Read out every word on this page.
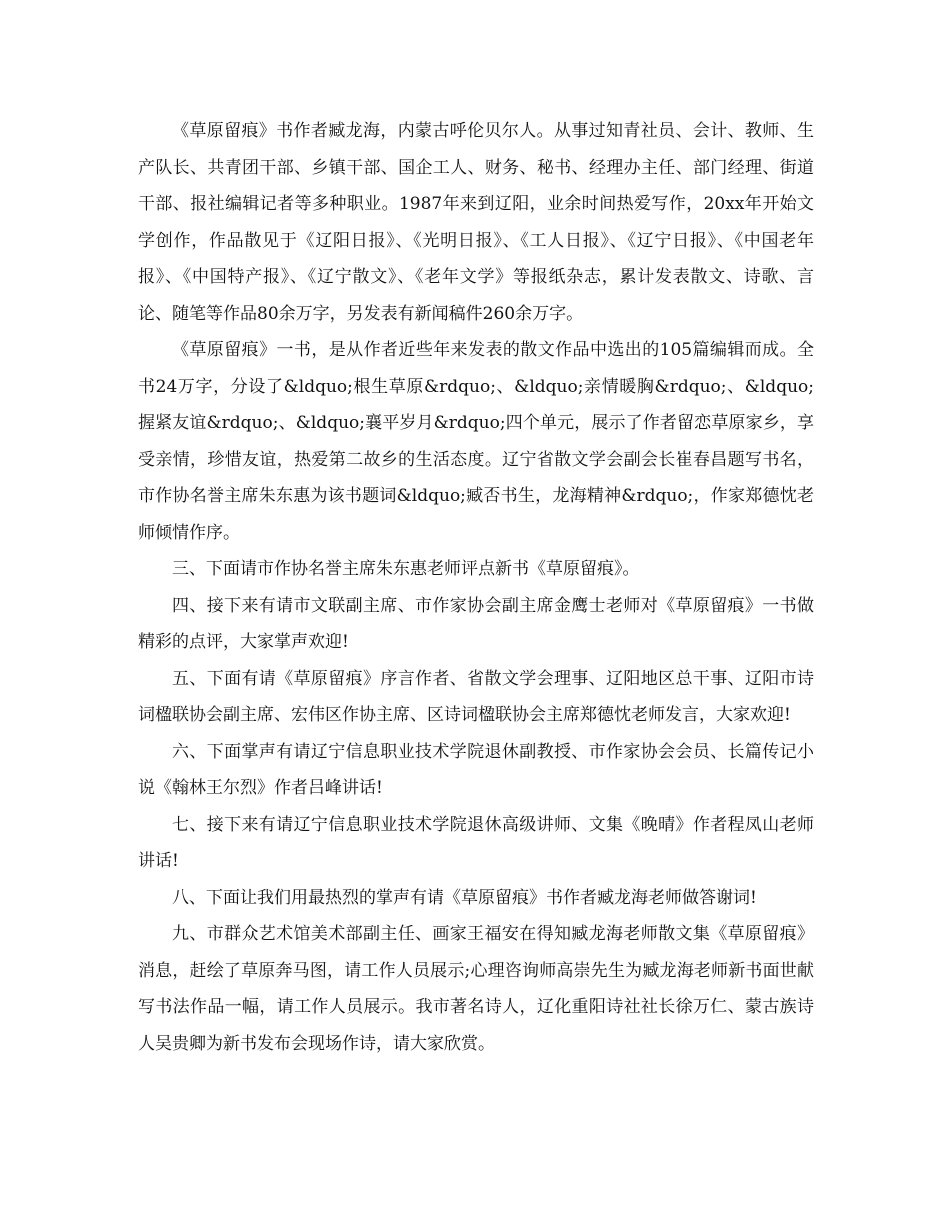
《草原留痕》书作者臧龙海，内蒙古呼伦贝尔人。从事过知青社员、会计、教师、生产队长、共青团干部、乡镇干部、国企工人、财务、秘书、经理办主任、部门经理、街道干部、报社编辑记者等多种职业。1987年来到辽阳，业余时间热爱写作，20xx年开始文学创作，作品散见于《辽阳日报》、《光明日报》、《工人日报》、《辽宁日报》、《中国老年报》、《中国特产报》、《辽宁散文》、《老年文学》等报纸杂志，累计发表散文、诗歌、言论、随笔等作品80余万字，另发表有新闻稿件260余万字。

《草原留痕》一书，是从作者近些年来发表的散文作品中选出的105篇编辑而成。全书24万字，分设了&ldquo;根生草原&rdquo;、&ldquo;亲情暖胸&rdquo;、&ldquo;握紧友谊&rdquo;、&ldquo;襄平岁月&rdquo;四个单元，展示了作者留恋草原家乡，享受亲情，珍惜友谊，热爱第二故乡的生活态度。辽宁省散文学会副会长崔春昌题写书名，市作协名誉主席朱东惠为该书题词&ldquo;臧否书生，龙海精神&rdquo;，作家郑德忱老师倾情作序。

三、下面请市作协名誉主席朱东惠老师评点新书《草原留痕》。

四、接下来有请市文联副主席、市作家协会副主席金鹰士老师对《草原留痕》一书做精彩的点评，大家掌声欢迎!

五、下面有请《草原留痕》序言作者、省散文学会理事、辽阳地区总干事、辽阳市诗词楹联协会副主席、宏伟区作协主席、区诗词楹联协会主席郑德忱老师发言，大家欢迎!

六、下面掌声有请辽宁信息职业技术学院退休副教授、市作家协会会员、长篇传记小说《翰林王尔烈》作者吕峰讲话!

七、接下来有请辽宁信息职业技术学院退休高级讲师、文集《晚晴》作者程凤山老师讲话!

八、下面让我们用最热烈的掌声有请《草原留痕》书作者臧龙海老师做答谢词!

九、市群众艺术馆美术部副主任、画家王福安在得知臧龙海老师散文集《草原留痕》消息，赶绘了草原奔马图，请工作人员展示;心理咨询师高崇先生为臧龙海老师新书面世献写书法作品一幅，请工作人员展示。我市著名诗人，辽化重阳诗社社长徐万仁、蒙古族诗人吴贵卿为新书发布会现场作诗，请大家欣赏。
